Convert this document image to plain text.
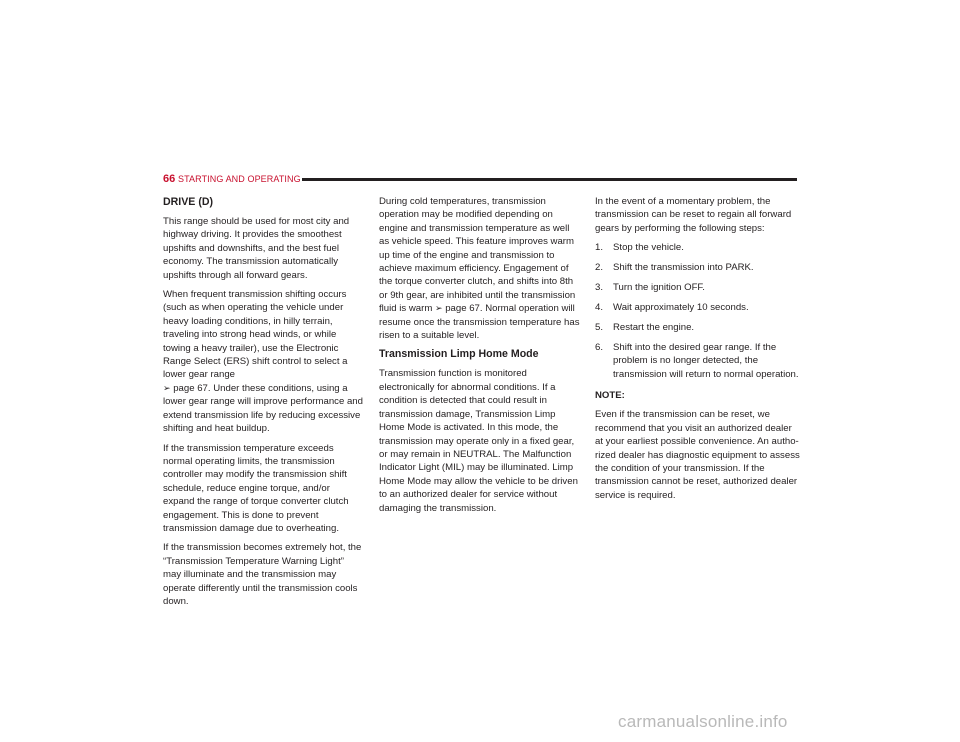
66 STARTING AND OPERATING
DRIVE (D)

This range should be used for most city and highway driving. It provides the smoothest upshifts and downshifts, and the best fuel economy. The transmission automatically upshifts through all forward gears.

When frequent transmission shifting occurs (such as when operating the vehicle under heavy loading conditions, in hilly terrain, traveling into strong head winds, or while towing a heavy trailer), use the Electronic Range Select (ERS) shift control to select a lower gear range
➢ page 67. Under these conditions, using a lower gear range will improve performance and extend transmission life by reducing excessive shifting and heat buildup.

If the transmission temperature exceeds normal operating limits, the transmission controller may modify the transmission shift schedule, reduce engine torque, and/or expand the range of torque converter clutch engagement. This is done to prevent transmission damage due to overheating.

If the transmission becomes extremely hot, the “Transmission Temperature Warning Light” may illuminate and the transmission may operate differently until the transmission cools down.

During cold temperatures, transmission operation may be modified depending on engine and transmission temperature as well as vehicle speed. This feature improves warm up time of the engine and transmission to achieve maximum efficiency. Engagement of the torque converter clutch, and shifts into 8th or 9th gear, are inhibited until the transmission fluid is warm ➢ page 67. Normal operation will resume once the transmission temperature has risen to a suitable level.

Transmission Limp Home Mode

Transmission function is monitored electronically for abnormal conditions. If a condition is detected that could result in transmission damage, Transmission Limp Home Mode is activated. In this mode, the transmission may operate only in a fixed gear, or may remain in NEUTRAL. The Malfunction Indicator Light (MIL) may be illuminated. Limp Home Mode may allow the vehicle to be driven to an authorized dealer for service without damaging the transmission.

In the event of a momentary problem, the transmission can be reset to regain all forward gears by performing the following steps:

1. Stop the vehicle.
2. Shift the transmission into PARK.
3. Turn the ignition OFF.
4. Wait approximately 10 seconds.
5. Restart the engine.
6. Shift into the desired gear range. If the problem is no longer detected, the transmission will return to normal operation.

NOTE:

Even if the transmission can be reset, we recommend that you visit an authorized dealer at your earliest possible convenience. An autho-rized dealer has diagnostic equipment to assess the condition of your transmission. If the transmission cannot be reset, authorized dealer service is required.

carmanualsonline.info
